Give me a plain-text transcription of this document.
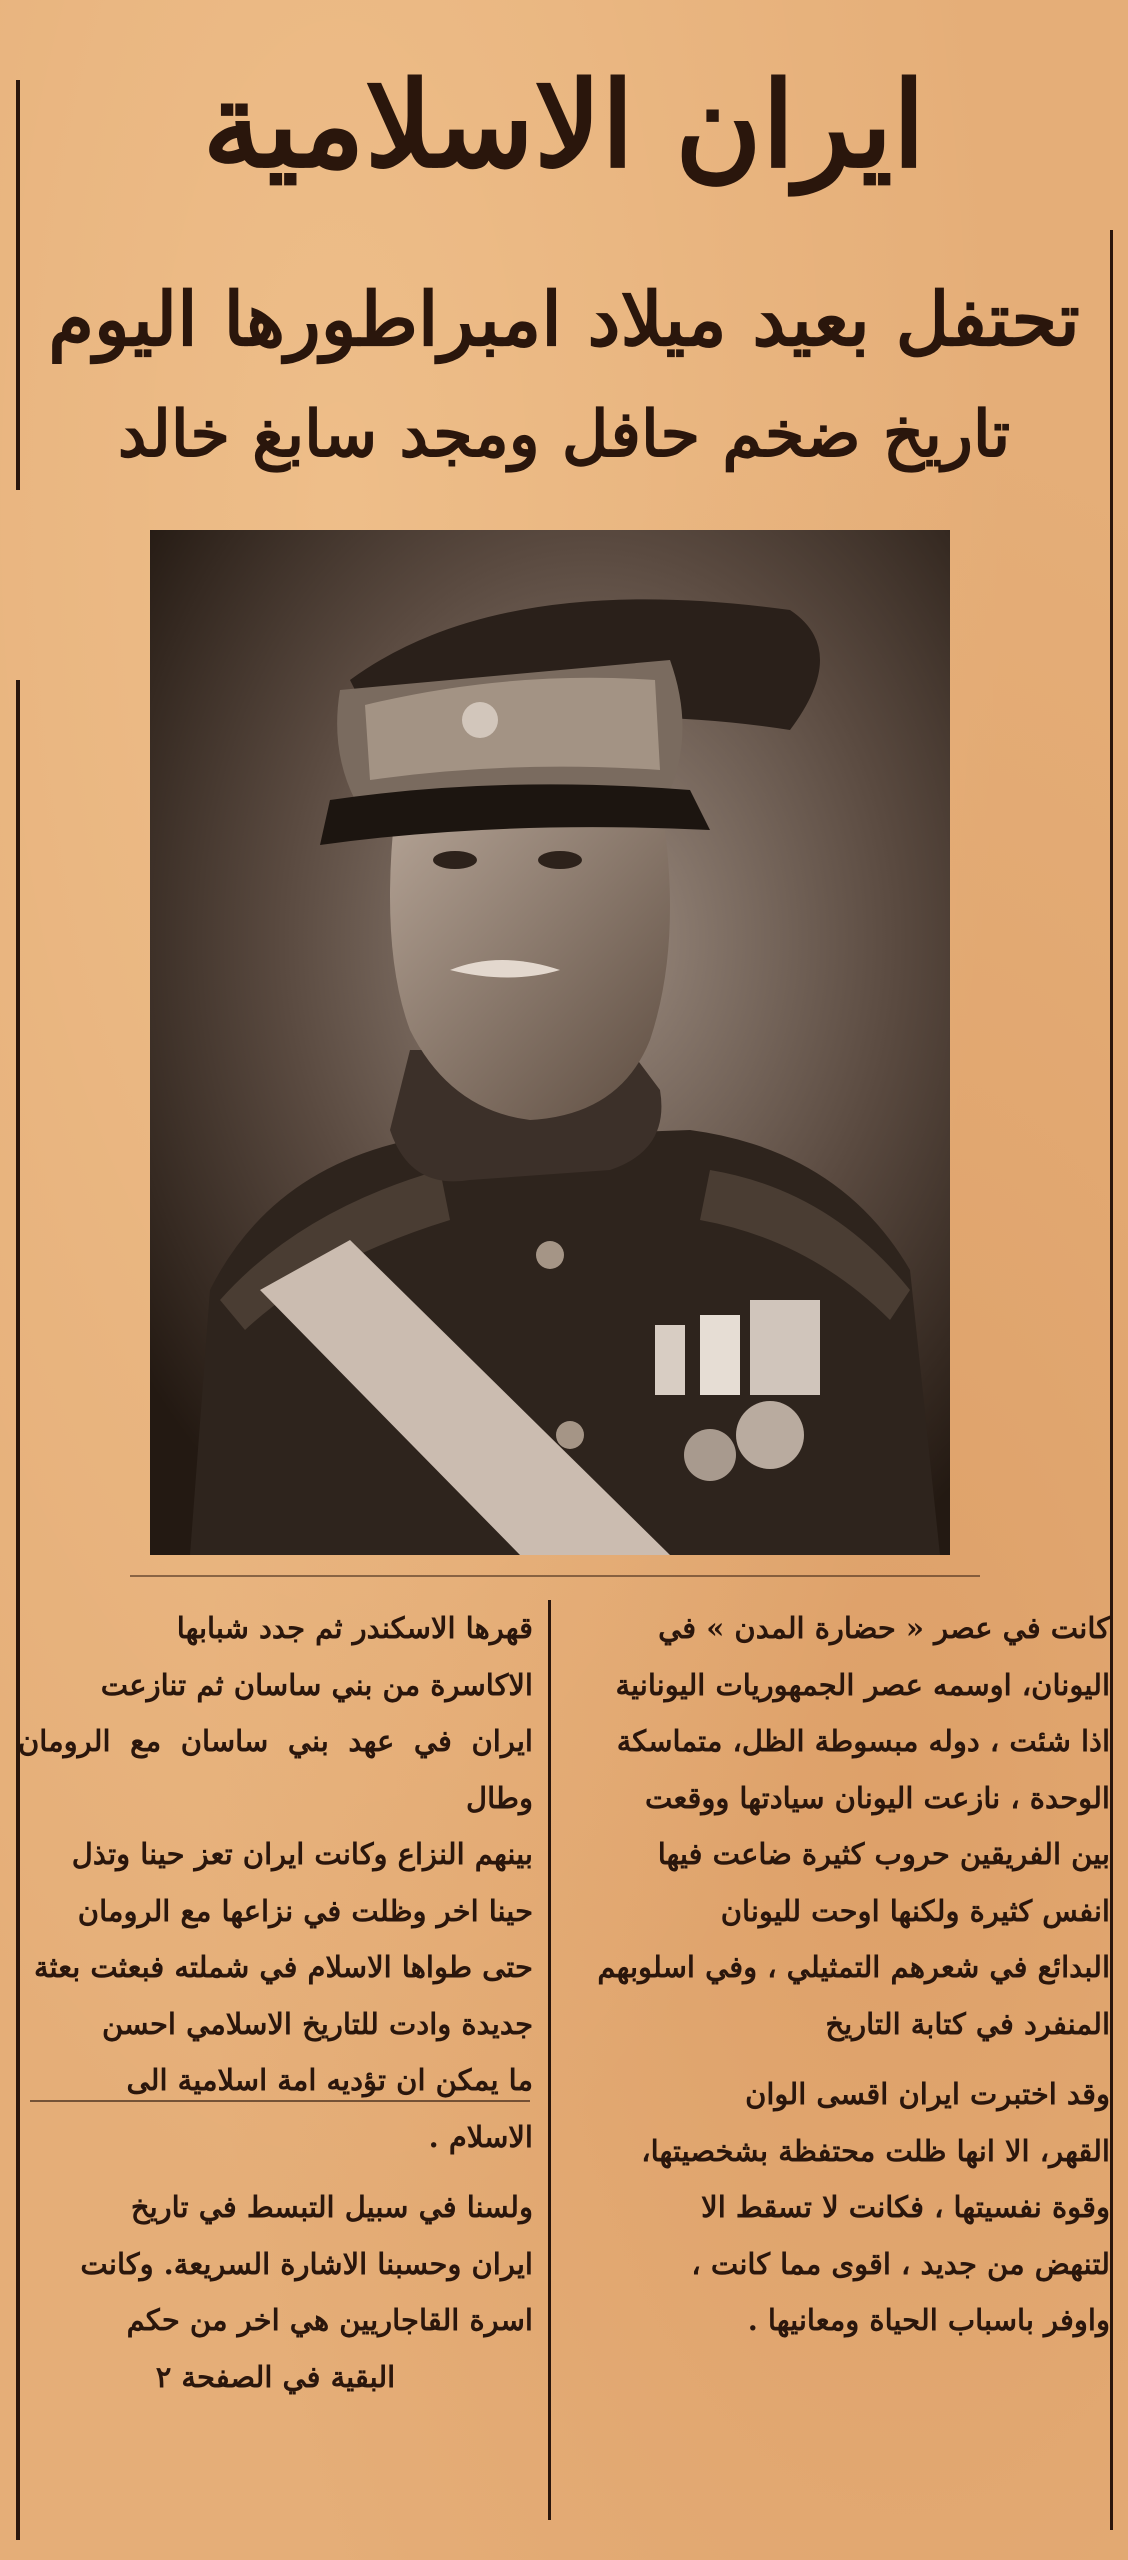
ايران الاسلامية
تحتفل بعيد ميلاد امبراطورها اليوم
تاريخ ضخم حافل ومجد سابغ خالد

كانت في عصر « حضارة المدن » في

اليونان، اوسمه عصر الجمهوريات اليونانية

اذا شئت ، دوله مبسوطة الظل، متماسكة

الوحدة ، نازعت اليونان سيادتها ووقعت

بين الفريقين حروب كثيرة ضاعت فيها

انفس كثيرة ولكنها اوحت لليونان

البدائع في شعرهم التمثيلي ، وفي اسلوبهم

المنفرد في كتابة التاريخ

وقد اختبرت ايران اقسى الوان

القهر، الا انها ظلت محتفظة بشخصيتها،

وقوة نفسيتها ، فكانت لا تسقط الا

لتنهض من جديد ، اقوى مما كانت ،

واوفر باسباب الحياة ومعانيها .

قهرها الاسكندر ثم جدد شبابها

الاكاسرة من بني ساسان ثم تنازعت

ايران في عهد بني ساسان مع الرومان وطال

بينهم النزاع وكانت ايران تعز حينا وتذل

حينا اخر وظلت في نزاعها مع الرومان

حتى طواها الاسلام في شملته فبعثت بعثة

جديدة وادت للتاريخ الاسلامي احسن

ما يمكن ان تؤديه امة اسلامية الى

الاسلام .

ولسنا في سبيل التبسط في تاريخ

ايران وحسبنا الاشارة السريعة. وكانت

اسرة القاجاريين هي اخر من حكم

البقية في الصفحة ٢
